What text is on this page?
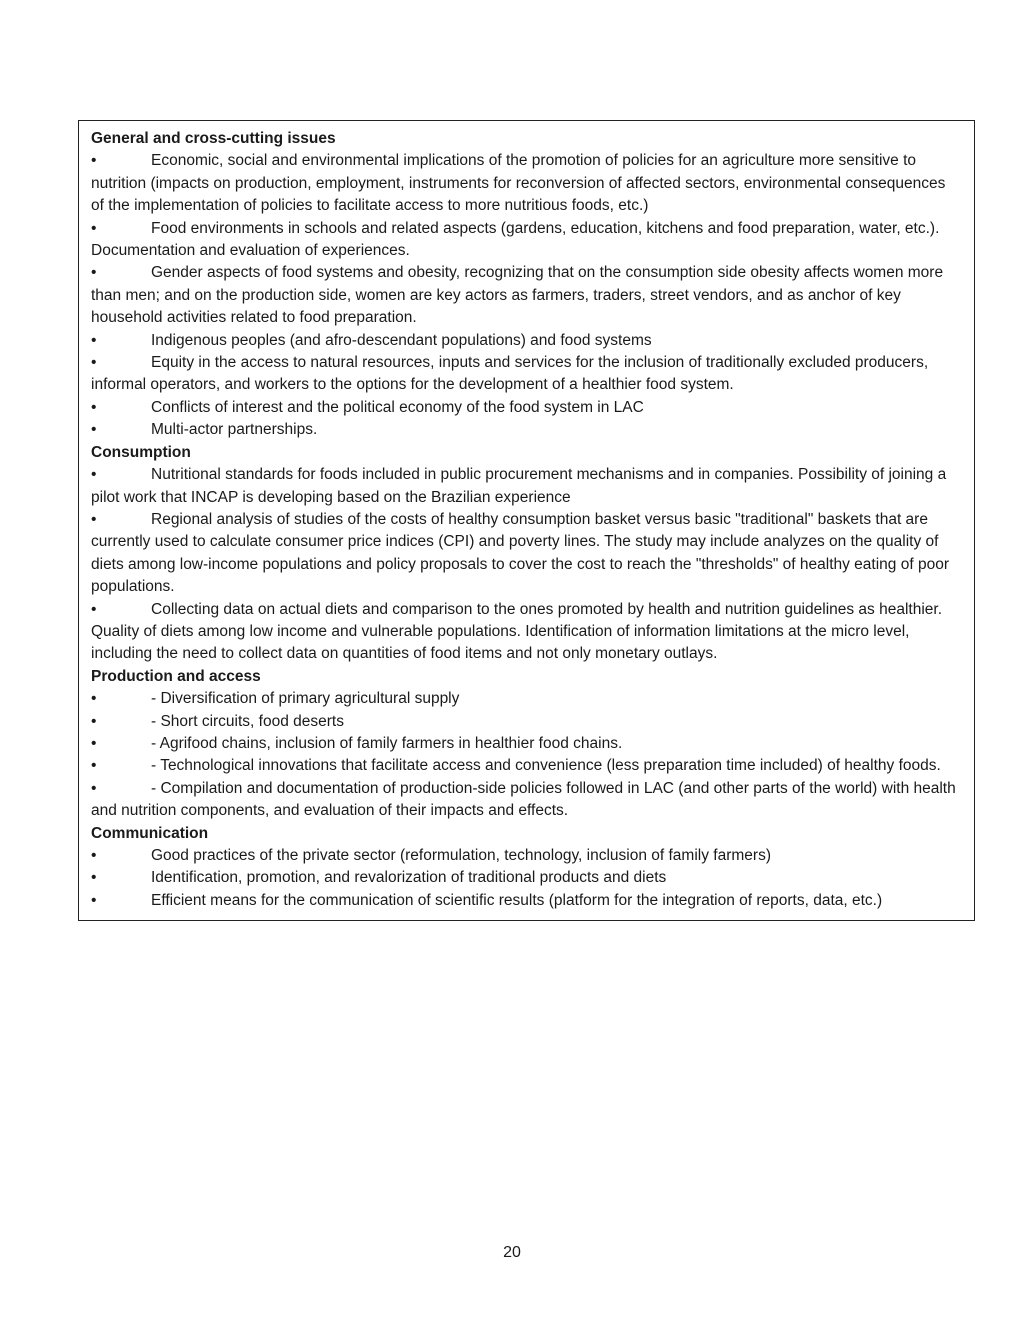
General and cross-cutting issues

•	Economic, social and environmental implications of the promotion of policies for an agriculture more sensitive to nutrition (impacts on production, employment, instruments for reconversion of affected sectors, environmental consequences of the implementation of policies to facilitate access to more nutritious foods, etc.)

•	Food environments in schools and related aspects (gardens, education, kitchens and food preparation, water, etc.). Documentation and evaluation of experiences.

•	Gender aspects of food systems and obesity, recognizing that on the consumption side obesity affects women more than men; and on the production side, women are key actors as farmers, traders, street vendors, and as anchor of key household activities related to food preparation.

•	Indigenous peoples (and afro-descendant populations) and food systems

•	Equity in the access to natural resources, inputs and services for the inclusion of traditionally excluded producers, informal operators, and workers to the options for the development of a healthier food system.

•	Conflicts of interest and the political economy of the food system in LAC

•	Multi-actor partnerships.

Consumption

•	Nutritional standards for foods included in public procurement mechanisms and in companies. Possibility of joining a pilot work that INCAP is developing based on the Brazilian experience

•	Regional analysis of studies of the costs of healthy consumption basket versus basic "traditional" baskets that are currently used to calculate consumer price indices (CPI) and poverty lines. The study may include analyzes on the quality of diets among low-income populations and policy proposals to cover the cost to reach the "thresholds" of healthy eating of poor populations.

•	Collecting data on actual diets and comparison to the ones promoted by health and nutrition guidelines as healthier. Quality of diets among low income and vulnerable populations. Identification of information limitations at the micro level, including the need to collect data on quantities of food items and not only monetary outlays.

Production and access

•	- Diversification of primary agricultural supply

•	- Short circuits, food deserts

•	- Agrifood chains, inclusion of family farmers in healthier food chains.

•	- Technological innovations that facilitate access and convenience (less preparation time included) of healthy foods.

•	- Compilation and documentation of production-side policies followed in LAC (and other parts of the world) with health and nutrition components, and evaluation of their impacts and effects.

Communication

•	Good practices of the private sector (reformulation, technology, inclusion of family farmers)

•	Identification, promotion, and revalorization of traditional products and diets

•	Efficient means for the communication of scientific results (platform for the integration of reports, data, etc.)

20
